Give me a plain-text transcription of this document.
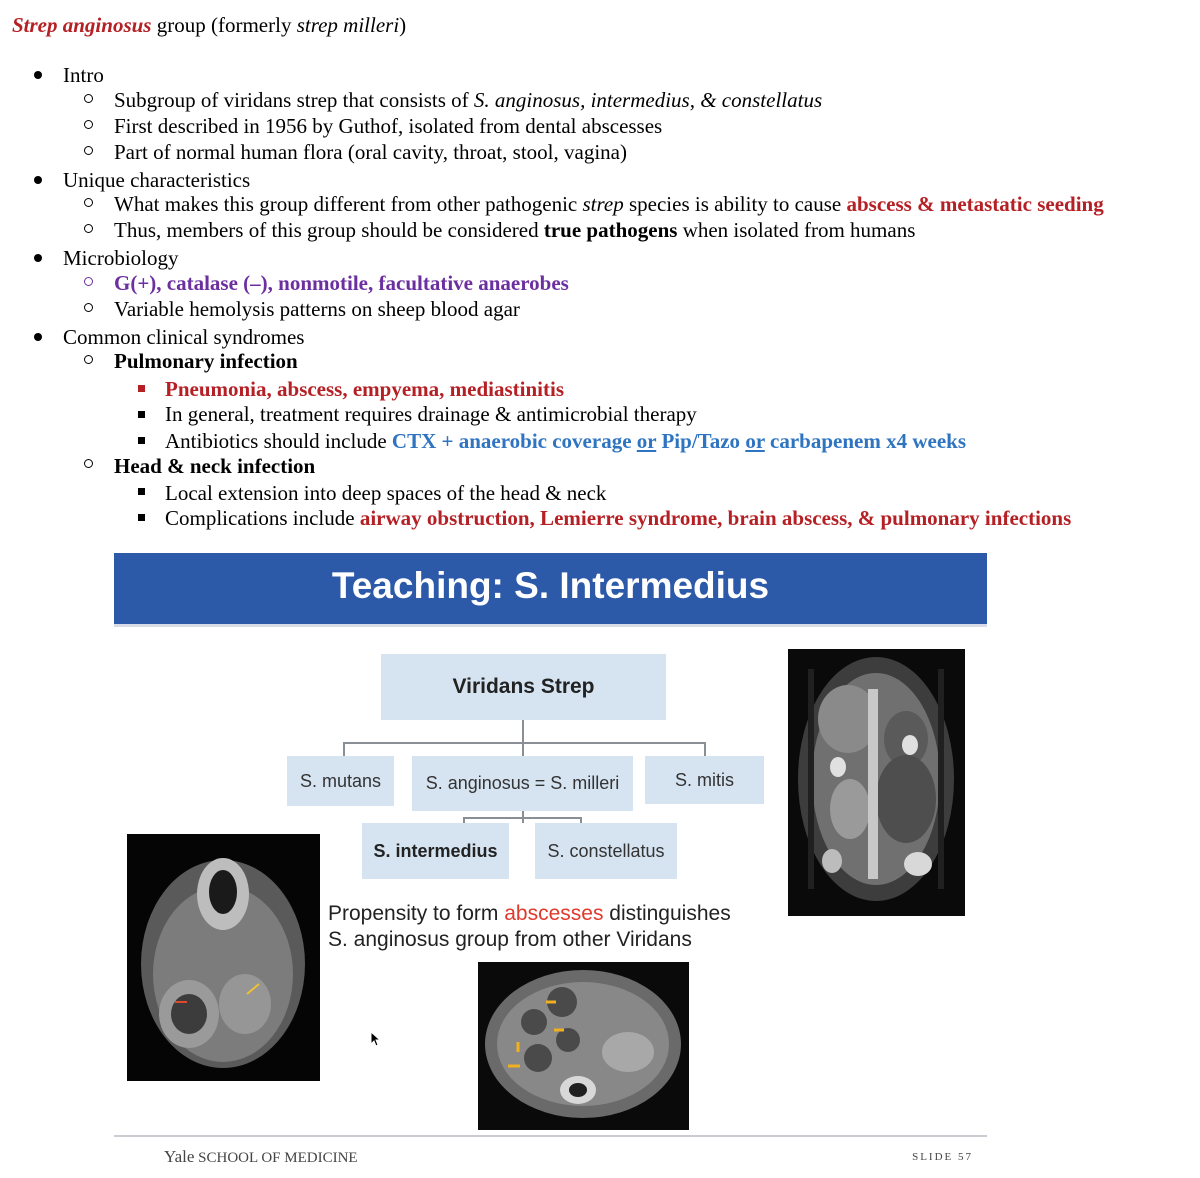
Strep anginosus group (formerly strep milleri)
Intro
Subgroup of viridans strep that consists of S. anginosus, intermedius, & constellatus
First described in 1956 by Guthof, isolated from dental abscesses
Part of normal human flora (oral cavity, throat, stool, vagina)
Unique characteristics
What makes this group different from other pathogenic strep species is ability to cause abscess & metastatic seeding
Thus, members of this group should be considered true pathogens when isolated from humans
Microbiology
G(+), catalase (–), nonmotile, facultative anaerobes
Variable hemolysis patterns on sheep blood agar
Common clinical syndromes
Pulmonary infection
Pneumonia, abscess, empyema, mediastinitis
In general, treatment requires drainage & antimicrobial therapy
Antibiotics should include CTX + anaerobic coverage or Pip/Tazo or carbapenem x4 weeks
Head & neck infection
Local extension into deep spaces of the head & neck
Complications include airway obstruction, Lemierre syndrome, brain abscess, & pulmonary infections
Teaching: S. Intermedius
Viridans Strep
S. mutans	S. anginosus = S. milleri	S. mitis
S. intermedius	S. constellatus
Propensity to form abscesses distinguishes
S. anginosus group from other Viridans
Yale SCHOOL OF MEDICINE	SLIDE 57
